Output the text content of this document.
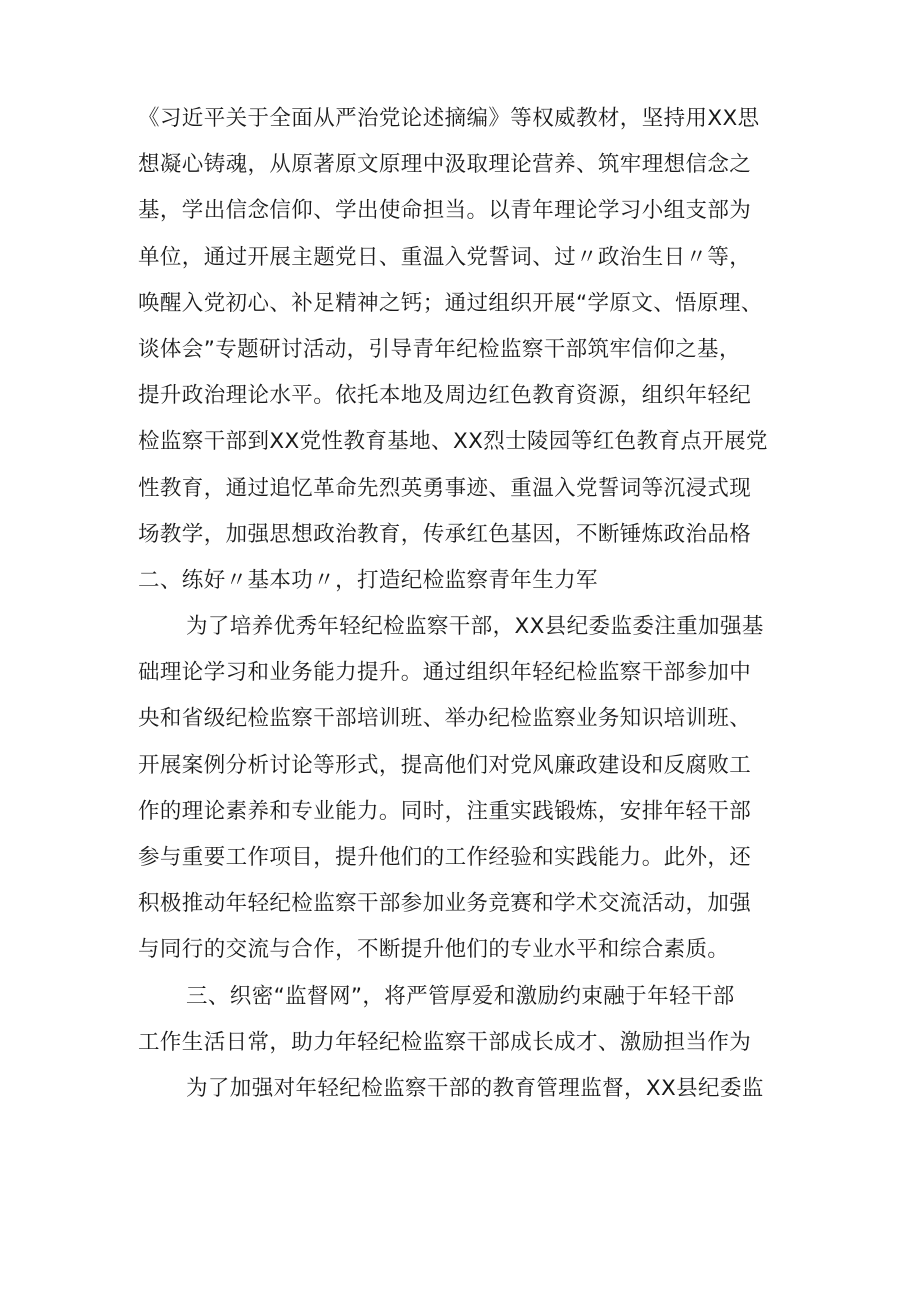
《习近平关于全面从严治党论述摘编》等权威教材，坚持用XX思
想凝心铸魂，从原著原文原理中汲取理论营养、筑牢理想信念之
基，学出信念信仰、学出使命担当。以青年理论学习小组支部为
单位，通过开展主题党日、重温入党誓词、过〃政治生日〃等，
唤醒入党初心、补足精神之钙；通过组织开展“学原文、悟原理、
谈体会”专题研讨活动，引导青年纪检监察干部筑牢信仰之基，
提升政治理论水平。依托本地及周边红色教育资源，组织年轻纪
检监察干部到XX党性教育基地、XX烈士陵园等红色教育点开展党
性教育，通过追忆革命先烈英勇事迹、重温入党誓词等沉浸式现
场教学，加强思想政治教育，传承红色基因，不断锤炼政治品格
二、练好〃基本功〃，打造纪检监察青年生力军
为了培养优秀年轻纪检监察干部，XX县纪委监委注重加强基
础理论学习和业务能力提升。通过组织年轻纪检监察干部参加中
央和省级纪检监察干部培训班、举办纪检监察业务知识培训班、
开展案例分析讨论等形式，提高他们对党风廉政建设和反腐败工
作的理论素养和专业能力。同时，注重实践锻炼，安排年轻干部
参与重要工作项目，提升他们的工作经验和实践能力。此外，还
积极推动年轻纪检监察干部参加业务竞赛和学术交流活动，加强
与同行的交流与合作，不断提升他们的专业水平和综合素质。
三、织密“监督网”，将严管厚爱和激励约束融于年轻干部
工作生活日常，助力年轻纪检监察干部成长成才、激励担当作为
为了加强对年轻纪检监察干部的教育管理监督，XX县纪委监
